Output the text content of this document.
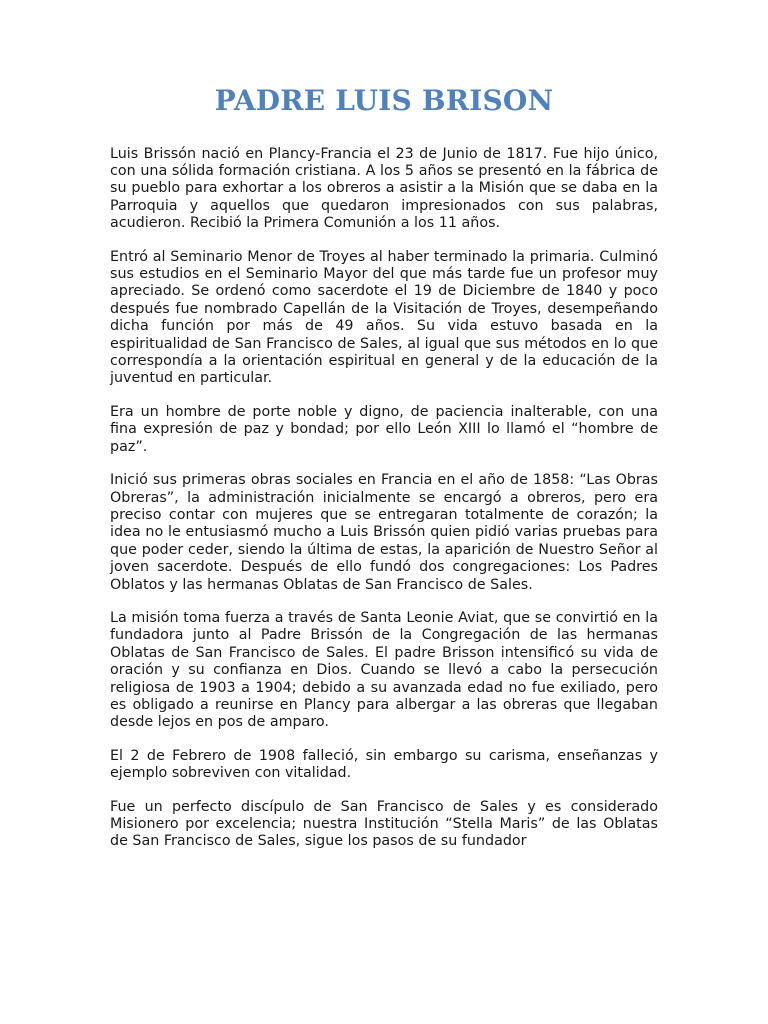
PADRE LUIS BRISON

Luis Brissón nació en Plancy-Francia el 23 de Junio de 1817. Fue hijo único, con una sólida formación cristiana. A los 5 años se presentó en la fábrica de su pueblo para exhortar a los obreros a asistir a la Misión que se daba en la Parroquia y aquellos que quedaron impresionados con sus palabras, acudieron. Recibió la Primera Comunión a los 11 años.

Entró al Seminario Menor de Troyes al haber terminado la primaria. Culminó sus estudios en el Seminario Mayor del que más tarde fue un profesor muy apreciado. Se ordenó como sacerdote el 19 de Diciembre de 1840 y poco después fue nombrado Capellán de la Visitación de Troyes, desempeñando dicha función por más de 49 años. Su vida estuvo basada en la espiritualidad de San Francisco de Sales, al igual que sus métodos en lo que correspondía a la orientación espiritual en general y de la educación de la juventud en particular.

Era un hombre de porte noble y digno, de paciencia inalterable, con una fina expresión de paz y bondad; por ello León XIII lo llamó el “hombre de paz”.

Inició sus primeras obras sociales en Francia en el año de 1858: “Las Obras Obreras”, la administración inicialmente se encargó a obreros, pero era preciso contar con mujeres que se entregaran totalmente de corazón; la idea no le entusiasmó mucho a Luis Brissón quien pidió varias pruebas para que poder ceder, siendo la última de estas, la aparición de Nuestro Señor al joven sacerdote. Después de ello fundó dos congregaciones: Los Padres Oblatos y las hermanas Oblatas de San Francisco de Sales.

La misión toma fuerza a través de Santa Leonie Aviat, que se convirtió en la fundadora junto al Padre Brissón de la Congregación de las hermanas Oblatas de San Francisco de Sales. El padre Brisson intensificó su vida de oración y su confianza en Dios. Cuando se llevó a cabo la persecución religiosa de 1903 a 1904; debido a su avanzada edad no fue exiliado, pero es obligado a reunirse en Plancy para albergar a las obreras que llegaban desde lejos en pos de amparo.

El 2 de Febrero de 1908 falleció, sin embargo su carisma, enseñanzas y ejemplo sobreviven con vitalidad.

Fue un perfecto discípulo de San Francisco de Sales y es considerado Misionero por excelencia; nuestra Institución “Stella Maris” de las Oblatas de San Francisco de Sales, sigue los pasos de su fundador
